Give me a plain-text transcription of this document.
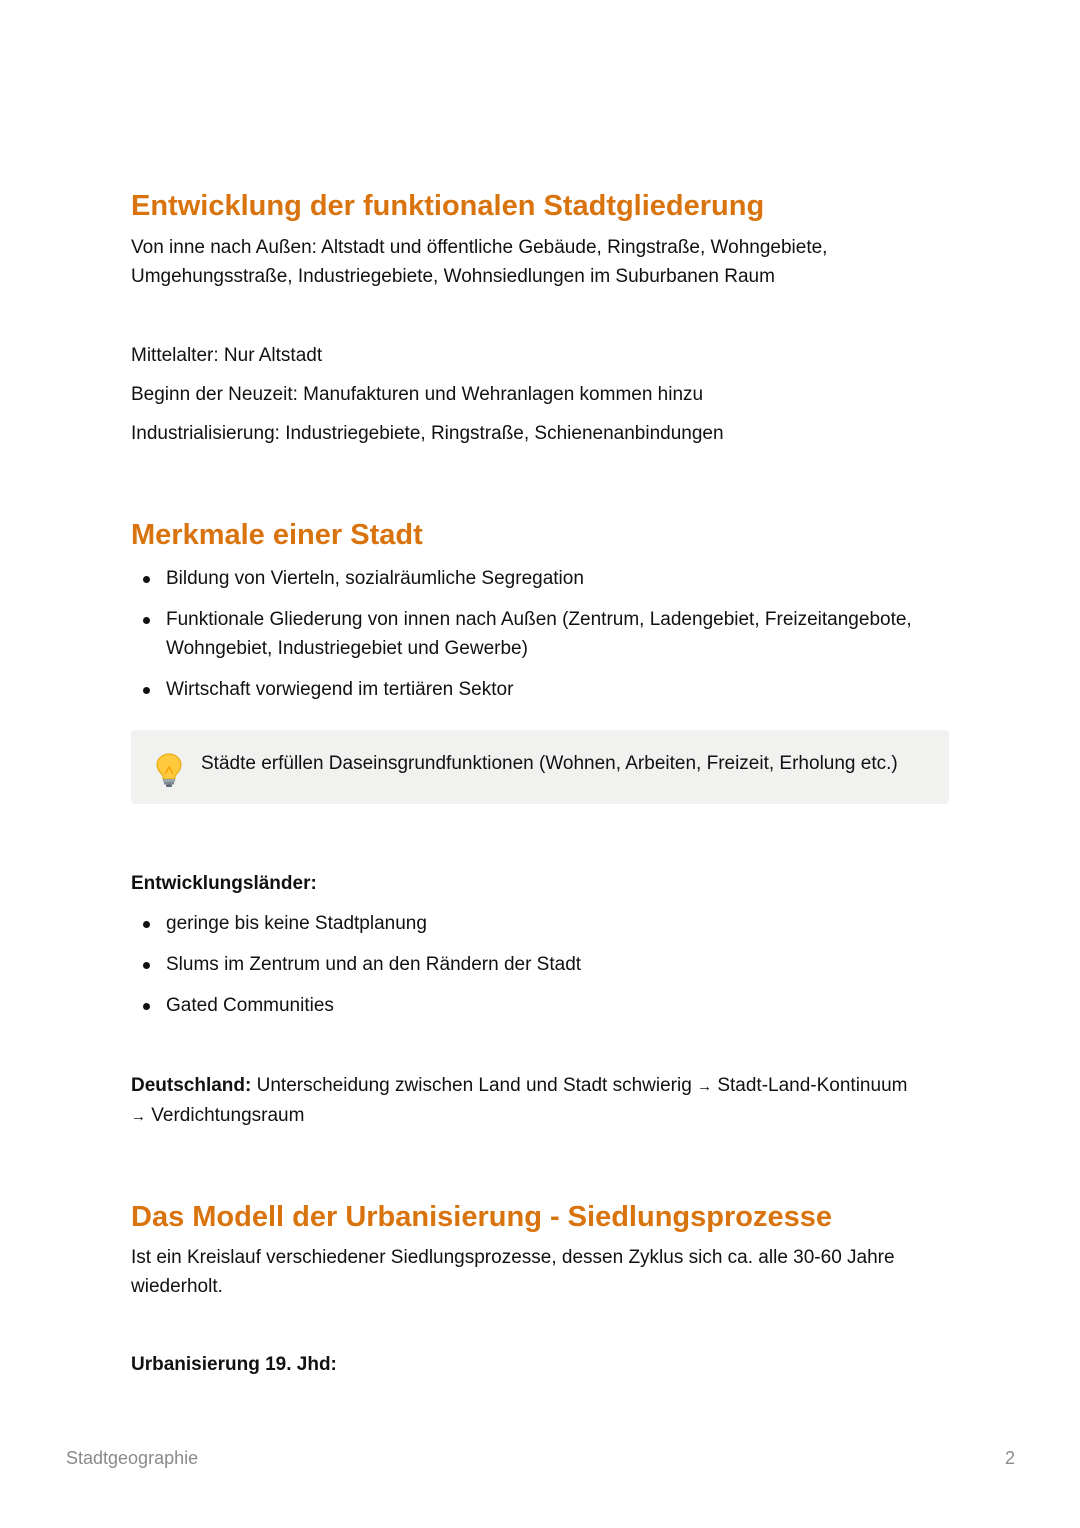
Entwicklung der funktionalen Stadtgliederung

Von inne nach Außen: Altstadt und öffentliche Gebäude, Ringstraße, Wohngebiete, Umgehungsstraße, Industriegebiete, Wohnsiedlungen im Suburbanen Raum

Mittelalter: Nur Altstadt

Beginn der Neuzeit: Manufakturen und Wehranlagen kommen hinzu

Industrialisierung: Industriegebiete, Ringstraße, Schienenanbindungen

Merkmale einer Stadt
Bildung von Vierteln, sozialräumliche Segregation
Funktionale Gliederung von innen nach Außen (Zentrum, Ladengebiet, Freizeitangebote, Wohngebiet, Industriegebiet und Gewerbe)
Wirtschaft vorwiegend im tertiären Sektor
Städte erfüllen Daseinsgrundfunktionen (Wohnen, Arbeiten, Freizeit, Erholung etc.)

Entwicklungsländer:

geringe bis keine Stadtplanung
Slums im Zentrum und an den Rändern der Stadt
Gated Communities

Deutschland: Unterscheidung zwischen Land und Stadt schwierig → Stadt-Land-Kontinuum
→ Verdichtungsraum

Das Modell der Urbanisierung - Siedlungsprozesse

Ist ein Kreislauf verschiedener Siedlungsprozesse, dessen Zyklus sich ca. alle 30-60 Jahre wiederholt.

Urbanisierung 19. Jhd:

Stadtgeographie	2
